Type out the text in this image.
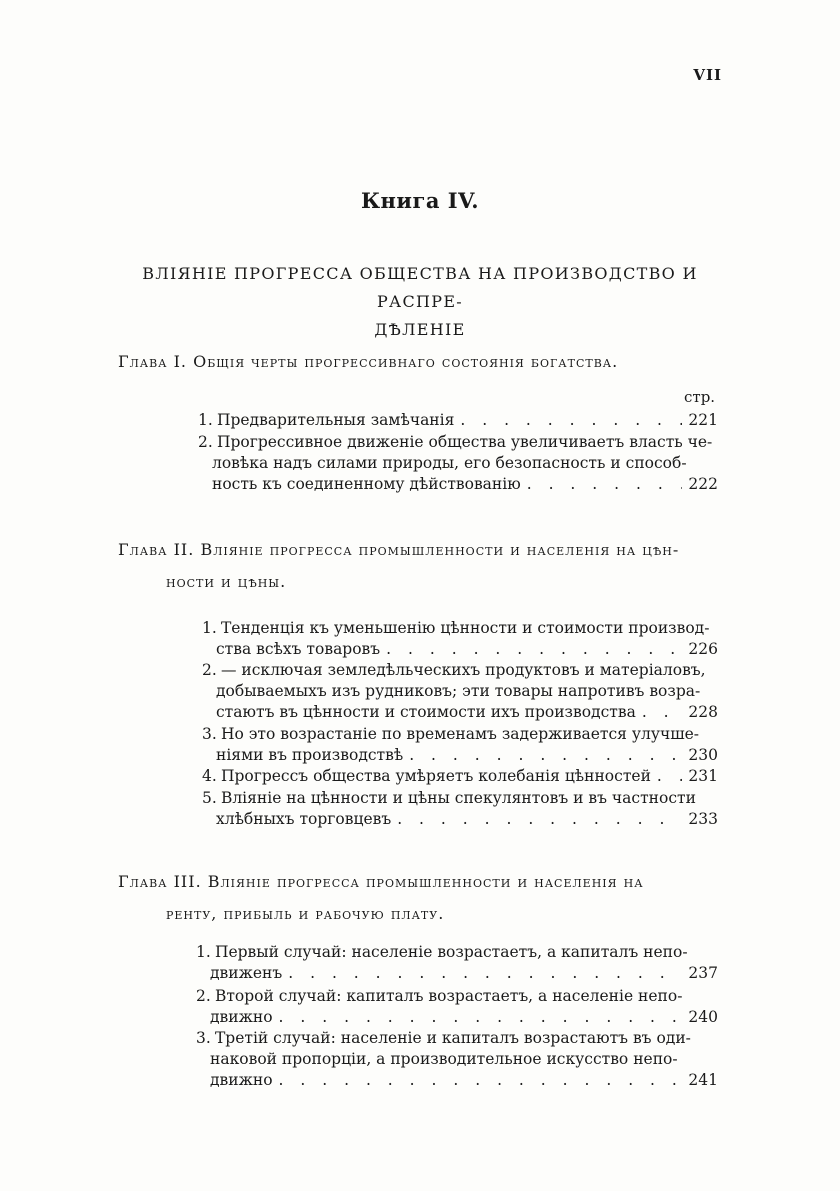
VII
Книга IV.
ВЛІЯНІЕ ПРОГРЕССА ОБЩЕСТВА НА ПРОИЗВОДСТВО И РАСПРЕ-
ДѢЛЕНІЕ
Глава I. Общія черты прогрессивнаго состоянія богатства.
стр.
1.
Предварительныя замѣчанія . . .	221
2.
Прогрессивное движеніе общества увеличиваетъ власть че-
ловѣка надъ силами природы, его безопасность и способ-
ность къ соединенному дѣйствованію . . .	222
Глава II. Вліяніе прогресса промышленности и населенія на цѣн-
ности и цѣны.
1.
Тенденція къ уменьшенію цѣнности и стоимости производ-
ства всѣхъ товаровъ . . .	226
2.
— исключая земледѣльческихъ продуктовъ и матеріаловъ,
добываемыхъ изъ рудниковъ; эти товары напротивъ возра-
стаютъ въ цѣнности и стоимости ихъ производства . . .	228
3.
Но это возрастаніе по временамъ задерживается улучше-
ніями въ производствѣ . . .	230
4.
Прогрессъ общества умѣряетъ колебанія цѣнностей . . .	231
5.
Вліяніе на цѣнности и цѣны спекулянтовъ и въ частности
хлѣбныхъ торговцевъ . . .	233
Глава III. Вліяніе прогресса промышленности и населенія на
ренту, прибыль и рабочую плату.
1.
Первый случай: населеніе возрастаетъ, а капиталъ непо-
движенъ . . .	237
2.
Второй случай: капиталъ возрастаетъ, а населеніе непо-
движно . . .	240
3.
Третій случай: населеніе и капиталъ возрастаютъ въ оди-
наковой пропорціи, а производительное искусство непо-
движно . . .	241
